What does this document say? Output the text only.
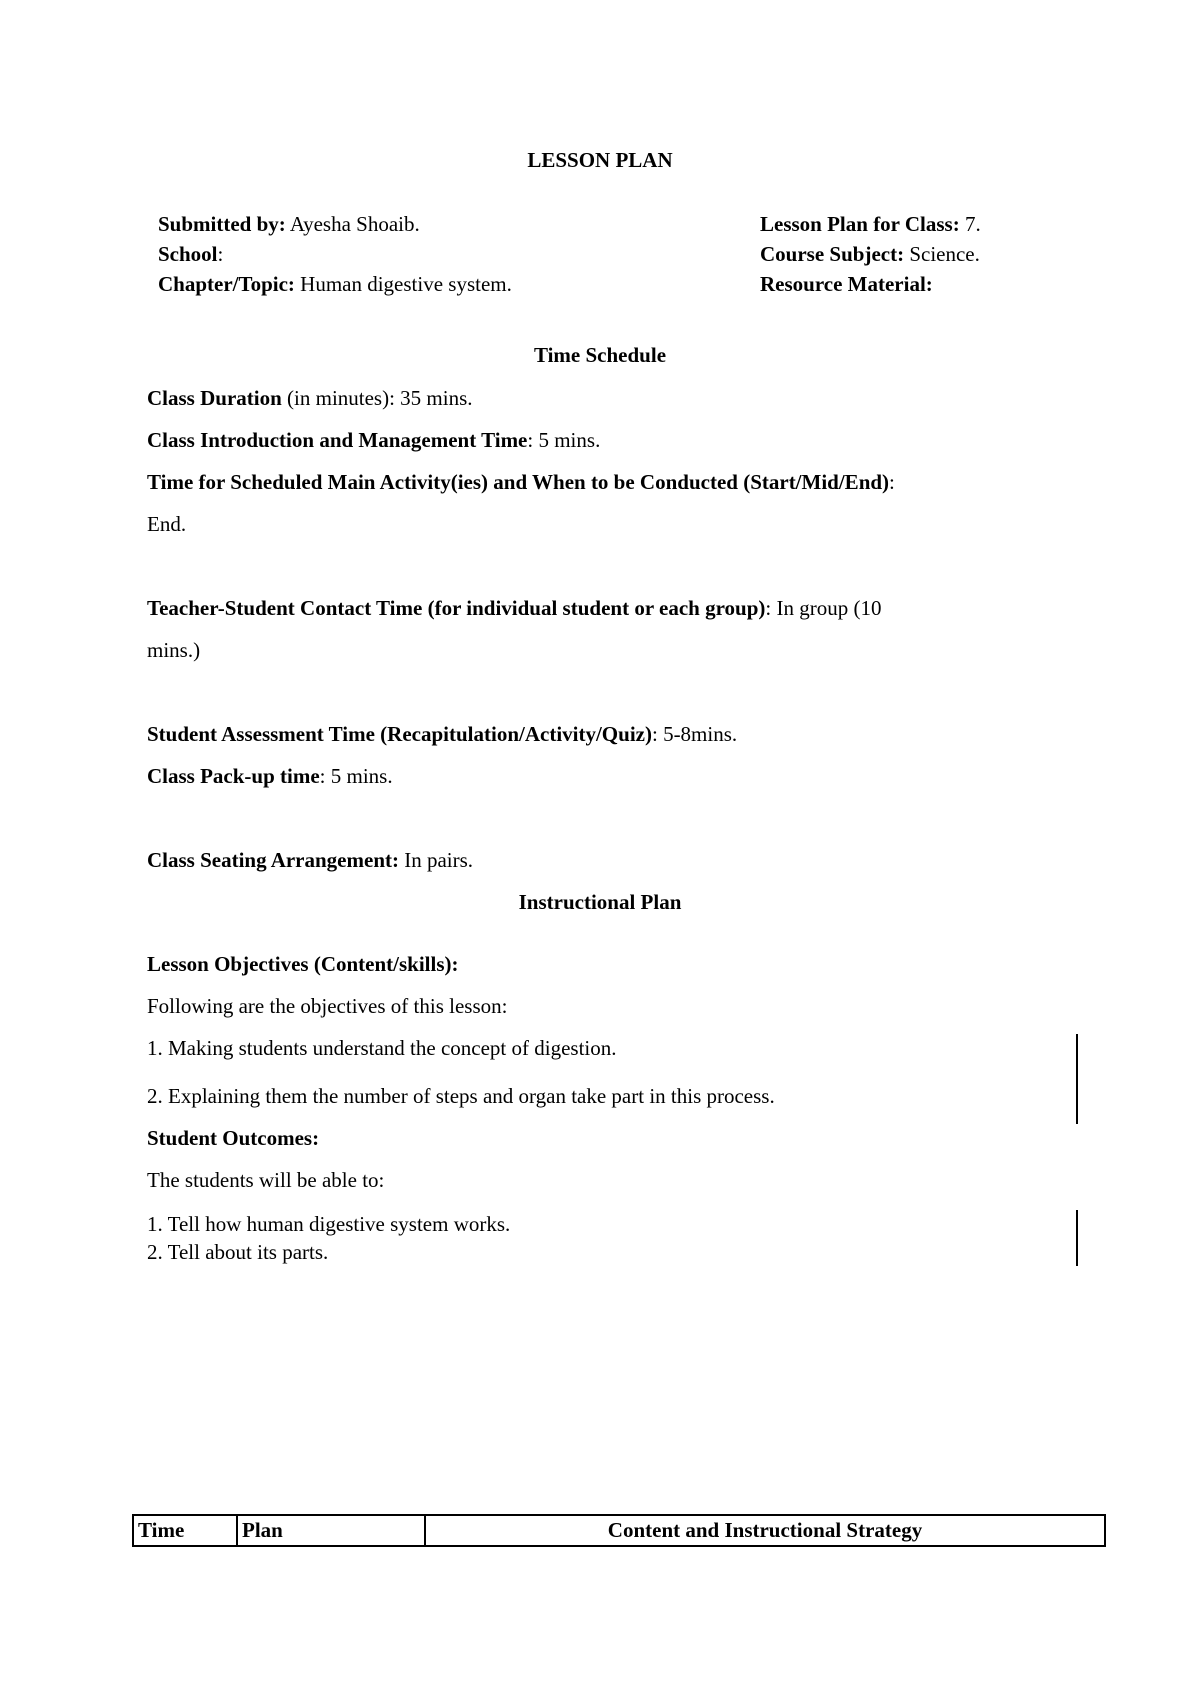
LESSON PLAN
Submitted by: Ayesha Shoaib.
School:
Chapter/Topic: Human digestive system.
Lesson Plan for Class: 7.
Course Subject: Science.
Resource Material:
Time Schedule
Class Duration (in minutes): 35 mins.
Class Introduction and Management Time: 5 mins.
Time for Scheduled Main Activity(ies) and When to be Conducted (Start/Mid/End):
End.
Teacher-Student Contact Time (for individual student or each group): In group (10
mins.)
Student Assessment Time (Recapitulation/Activity/Quiz): 5-8mins.
Class Pack-up time: 5 mins.
Class Seating Arrangement: In pairs.
Instructional Plan
Lesson Objectives (Content/skills):
Following are the objectives of this lesson:
1. Making students understand the concept of digestion.
2. Explaining them the number of steps and organ take part in this process.
Student Outcomes:
The students will be able to:
1. Tell how human digestive system works.
2. Tell about its parts.
Time	Plan	Content and Instructional Strategy
